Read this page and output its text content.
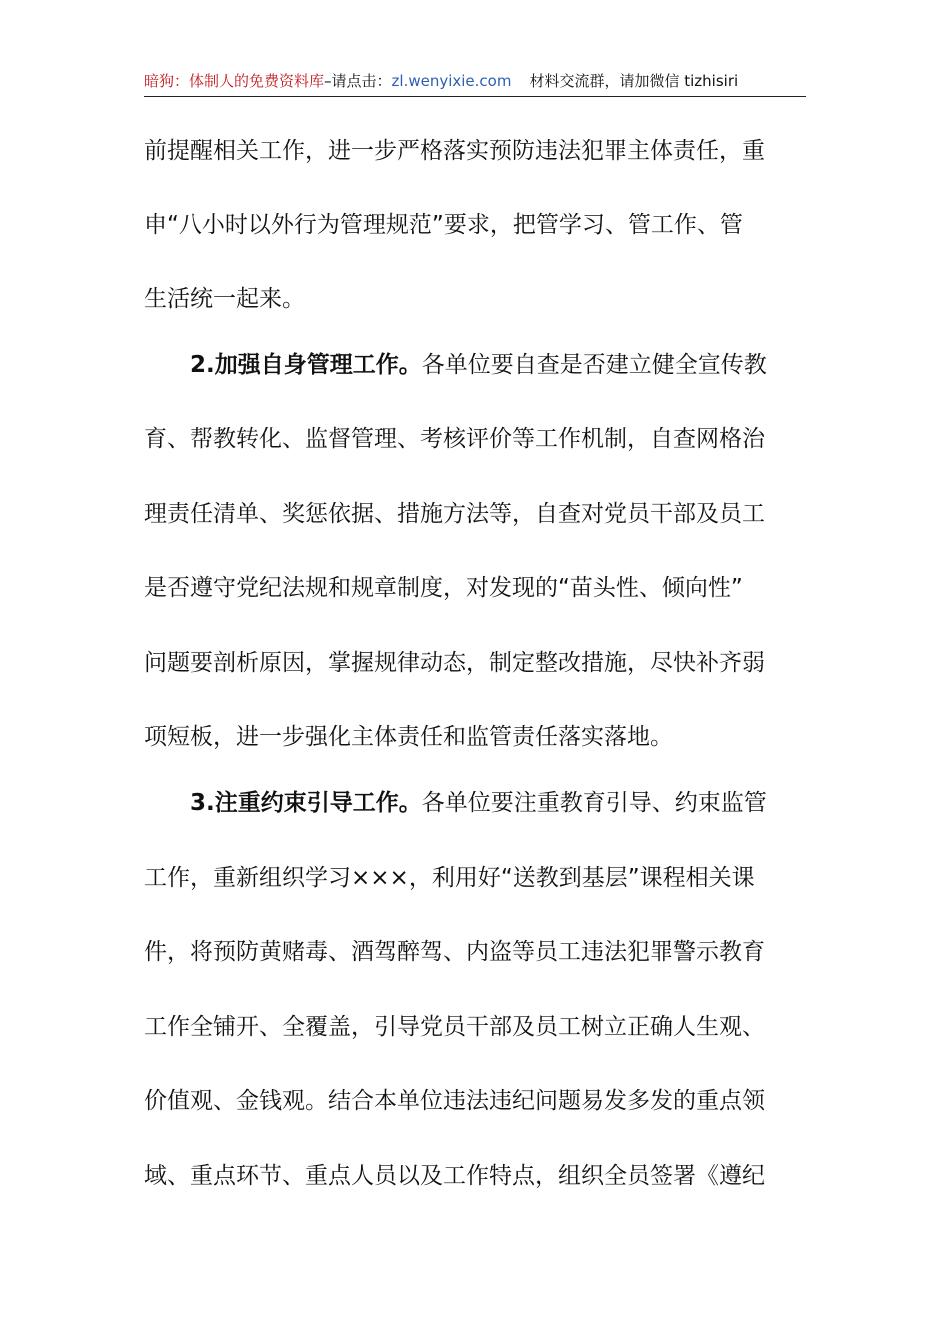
暗狗：体制人的免费资料库–请点击：zl.wenyixie.com 材料交流群，请加微信 tizhisiri
前提醒相关工作，进一步严格落实预防违法犯罪主体责任，重
申“八小时以外行为管理规范”要求，把管学习、管工作、管
生活统一起来。
2.加强自身管理工作。各单位要自查是否建立健全宣传教
育、帮教转化、监督管理、考核评价等工作机制，自查网格治
理责任清单、奖惩依据、措施方法等，自查对党员干部及员工
是否遵守党纪法规和规章制度，对发现的“苗头性、倾向性”
问题要剖析原因，掌握规律动态，制定整改措施，尽快补齐弱
项短板，进一步强化主体责任和监管责任落实落地。
3.注重约束引导工作。各单位要注重教育引导、约束监管
工作，重新组织学习×××，利用好“送教到基层”课程相关课
件，将预防黄赌毒、酒驾醉驾、内盗等员工违法犯罪警示教育
工作全铺开、全覆盖，引导党员干部及员工树立正确人生观、
价值观、金钱观。结合本单位违法违纪问题易发多发的重点领
域、重点环节、重点人员以及工作特点，组织全员签署《遵纪
